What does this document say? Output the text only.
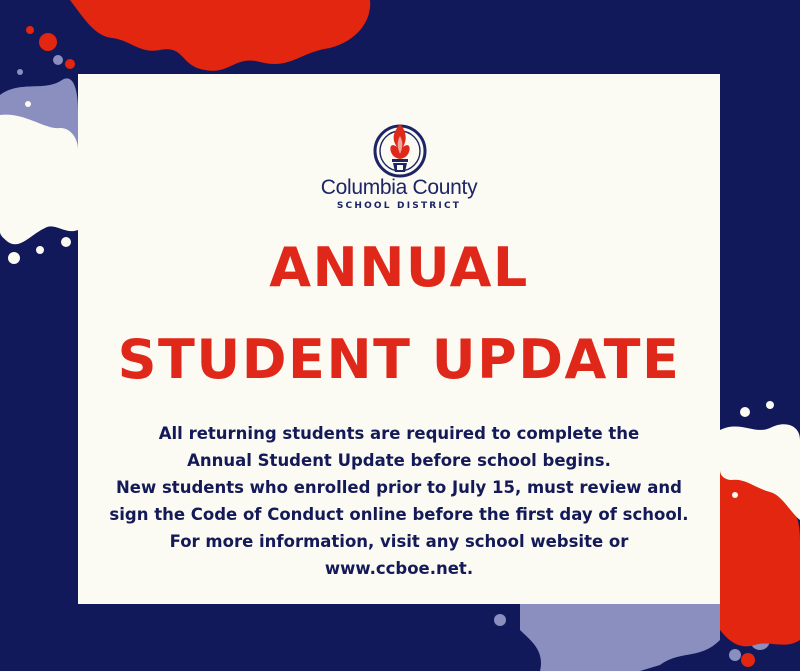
Columbia County
SCHOOL DISTRICT
ANNUAL
STUDENT UPDATE
All returning students are required to complete the
Annual Student Update before school begins.
New students who enrolled prior to July 15, must review and
sign the Code of Conduct online before the first day of school.
For more information, visit any school website or
www.ccboe.net.
